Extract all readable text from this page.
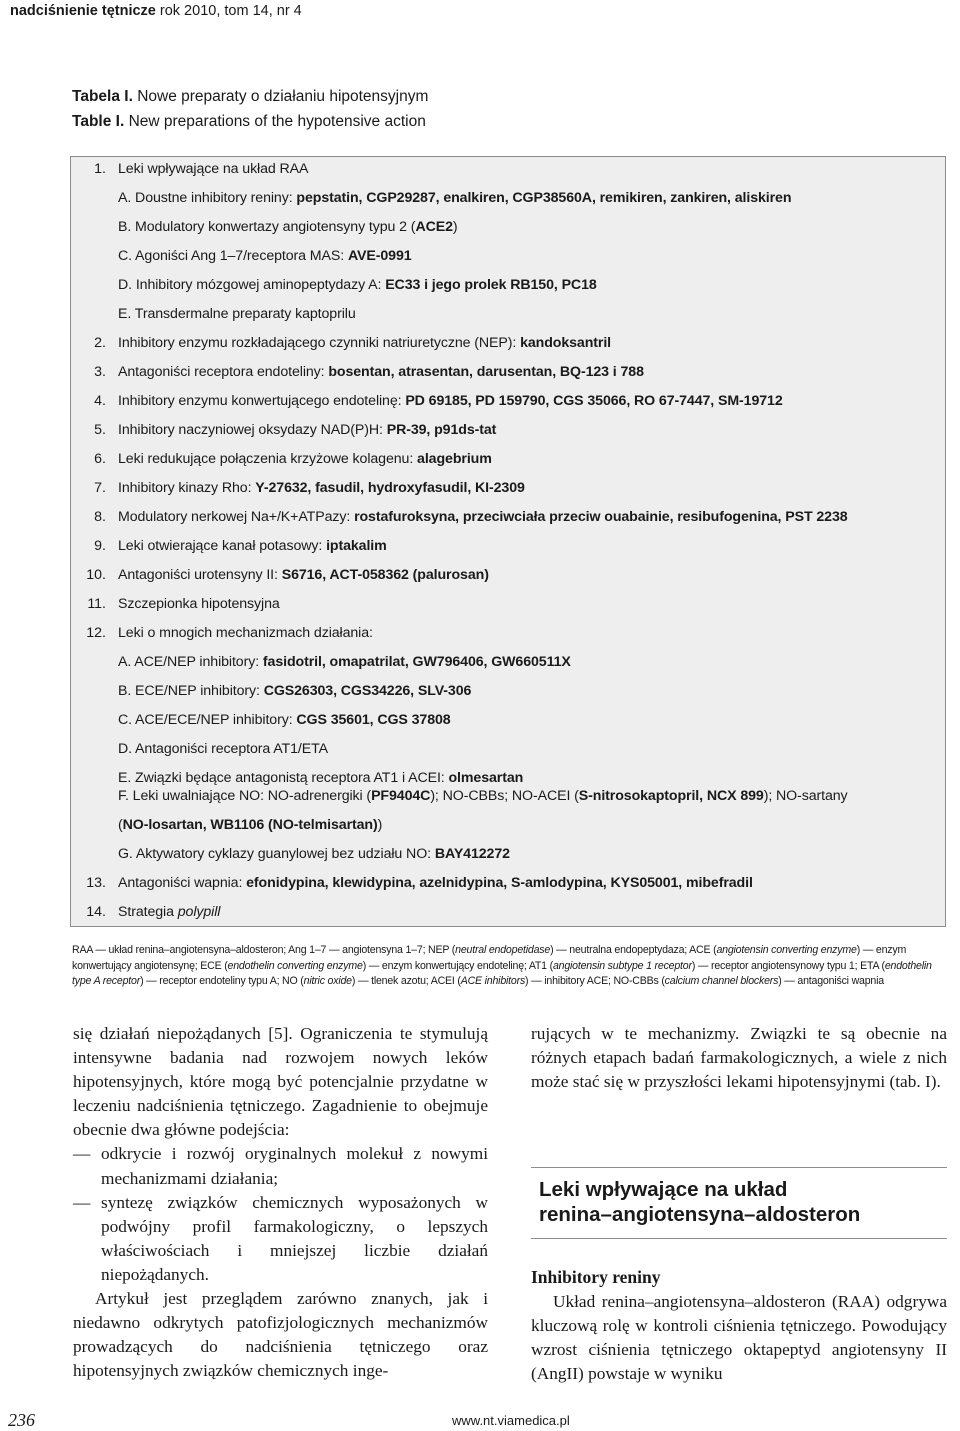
nadciśnienie tętnicze rok 2010, tom 14, nr 4
Tabela I. Nowe preparaty o działaniu hipotensyjnym
Table I. New preparations of the hypotensive action
1. Leki wpływające na układ RAA
A. Doustne inhibitory reniny: pepstatin, CGP29287, enalkiren, CGP38560A, remikiren, zankiren, aliskiren
B. Modulatory konwertazy angiotensyny typu 2 (ACE2)
C. Agoniści Ang 1–7/receptora MAS: AVE-0991
D. Inhibitory mózgowej aminopeptydazy A: EC33 i jego prolek RB150, PC18
E. Transdermalne preparaty kaptoprilu
2. Inhibitory enzymu rozkładającego czynniki natriuretyczne (NEP): kandoksantril
3. Antagoniści receptora endoteliny: bosentan, atrasentan, darusentan, BQ-123 i 788
4. Inhibitory enzymu konwertującego endotelinę: PD 69185, PD 159790, CGS 35066, RO 67-7447, SM-19712
5. Inhibitory naczyniowej oksydazy NAD(P)H: PR-39, p91ds-tat
6. Leki redukujące połączenia krzyżowe kolagenu: alagebrium
7. Inhibitory kinazy Rho: Y-27632, fasudil, hydroxyfasudil, KI-2309
8. Modulatory nerkowej Na+/K+ATPazy: rostafuroksyna, przeciwciała przeciw ouabainie, resibufogenina, PST 2238
9. Leki otwierające kanał potasowy: iptakalim
10. Antagoniści urotensyny II: S6716, ACT-058362 (palurosan)
11. Szczepionka hipotensyjna
12. Leki o mnogich mechanizmach działania:
A. ACE/NEP inhibitory: fasidotril, omapatrilat, GW796406, GW660511X
B. ECE/NEP inhibitory: CGS26303, CGS34226, SLV-306
C. ACE/ECE/NEP inhibitory: CGS 35601, CGS 37808
D. Antagoniści receptora AT1/ETA
E. Związki będące antagonistą receptora AT1 i ACEI: olmesartan
F. Leki uwalniające NO: NO-adrenergiki (PF9404C); NO-CBBs; NO-ACEI (S-nitrosokaptopril, NCX 899); NO-sartany
(NO-losartan, WB1106 (NO-telmisartan))
G. Aktywatory cyklazy guanylowej bez udziału NO: BAY412272
13. Antagoniści wapnia: efonidypina, klewidypina, azelnidypina, S-amlodypina, KYS05001, mibefradil
14. Strategia polypill
RAA — układ renina–angiotensyna–aldosteron; Ang 1–7 — angiotensyna 1–7; NEP (neutral endopetidase) — neutralna endopeptydaza; ACE (angiotensin converting enzyme) — enzym konwertujący angiotensynę; ECE (endothelin converting enzyme) — enzym konwertujący endotelinę; AT1 (angiotensin subtype 1 receptor) — receptor angiotensynowy typu 1; ETA (endothelin type A receptor) — receptor endoteliny typu A; NO (nitric oxide) — tlenek azotu; ACEI (ACE inhibitors) — inhibitory ACE; NO-CBBs (calcium channel blockers) — antagoniści wapnia

się działań niepożądanych [5]. Ograniczenia te stymulują intensywne badania nad rozwojem nowych leków hipotensyjnych, które mogą być potencjalnie przydatne w leczeniu nadciśnienia tętniczego. Zagadnienie to obejmuje obecnie dwa główne podejścia:

— odkrycie i rozwój oryginalnych molekuł z nowymi mechanizmami działania;
— syntezę związków chemicznych wyposażonych w podwójny profil farmakologiczny, o lepszych właściwościach i mniejszej liczbie działań niepożądanych.

Artykuł jest przeglądem zarówno znanych, jak i niedawno odkrytych patofizjologicznych mechanizmów prowadzących do nadciśnienia tętniczego oraz hipotensyjnych związków chemicznych inge-

rujących w te mechanizmy. Związki te są obecnie na różnych etapach badań farmakologicznych, a wiele z nich może stać się w przyszłości lekami hipotensyjnymi (tab. I).

Leki wpływające na układ
renina–angiotensyna–aldosteron
Inhibitory reniny

Układ renina–angiotensyna–aldosteron (RAA) odgrywa kluczową rolę w kontroli ciśnienia tętniczego. Powodujący wzrost ciśnienia tętniczego oktapeptyd angiotensyny II (AngII) powstaje w wyniku

236	www.nt.viamedica.pl
